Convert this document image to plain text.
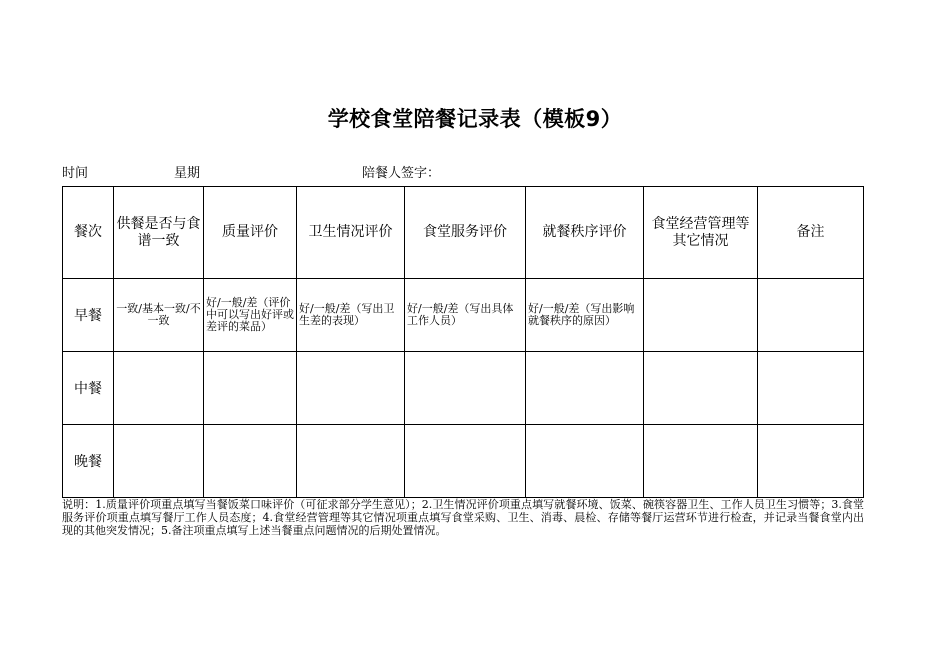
学校食堂陪餐记录表（模板9）
时间	星期	陪餐人签字：
餐次	供餐是否与食谱一致	质量评价	卫生情况评价	食堂服务评价	就餐秩序评价	食堂经营管理等其它情况	备注
早餐	一致/基本一致/不一致	好/一般/差（评价中可以写出好评或差评的菜品）	好/一般/差（写出卫生差的表现）	好/一般/差（写出具体工作人员）	好/一般/差（写出影响就餐秩序的原因）		
中餐							
晚餐							
说明：1.质量评价项重点填写当餐饭菜口味评价（可征求部分学生意见）；2.卫生情况评价项重点填写就餐环境、饭菜、碗筷容器卫生、工作人员卫生习惯等；3.食堂服务评价项重点填写餐厅工作人员态度；4.食堂经营管理等其它情况项重点填写食堂采购、卫生、消毒、晨检、存储等餐厅运营环节进行检查，并记录当餐食堂内出现的其他突发情况；5.备注项重点填写上述当餐重点问题情况的后期处置情况。
